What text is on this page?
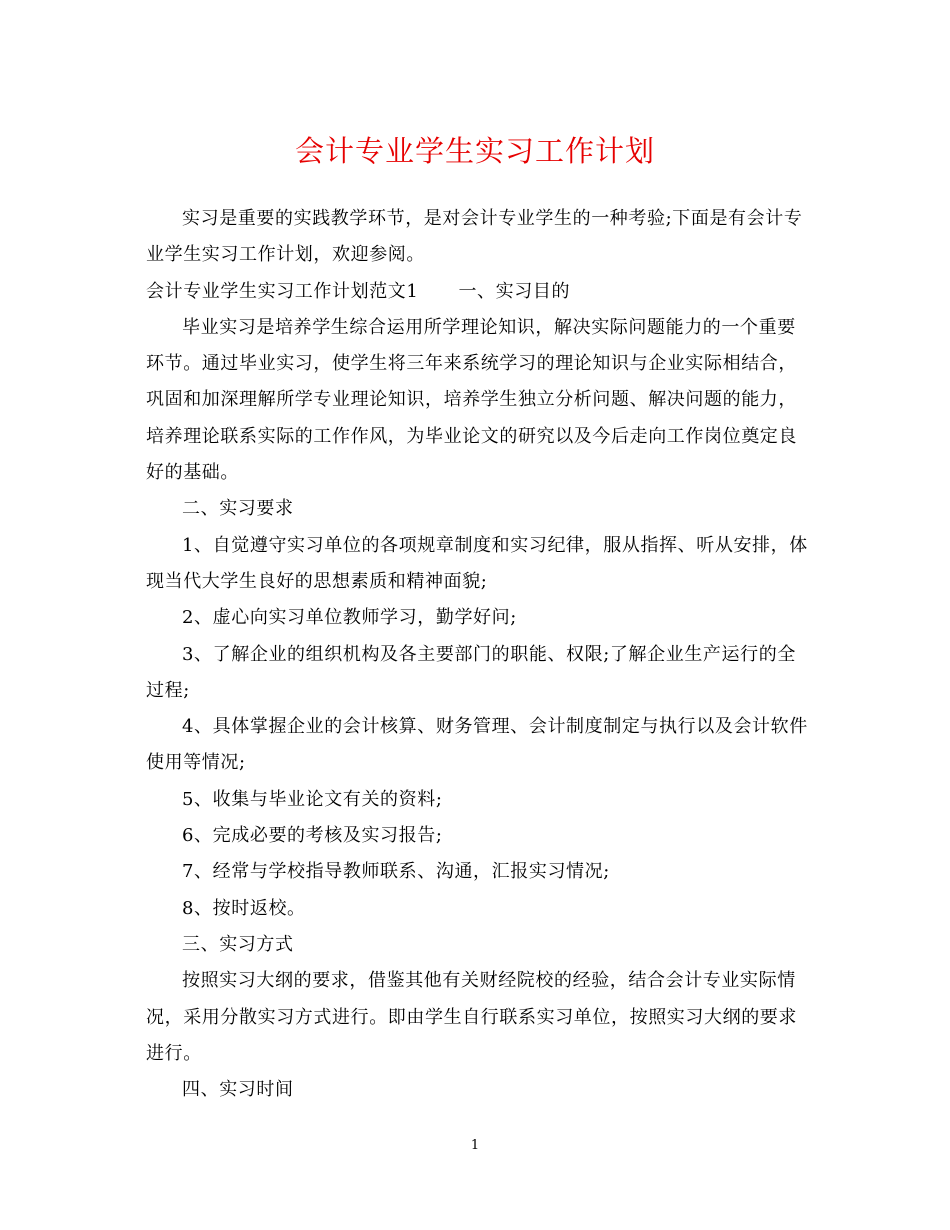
会计专业学生实习工作计划

实习是重要的实践教学环节，是对会计专业学生的一种考验;下面是有会计专业学生实习工作计划，欢迎参阅。

会计专业学生实习工作计划范文1 一、实习目的

毕业实习是培养学生综合运用所学理论知识，解决实际问题能力的一个重要环节。通过毕业实习，使学生将三年来系统学习的理论知识与企业实际相结合，巩固和加深理解所学专业理论知识，培养学生独立分析问题、解决问题的能力，培养理论联系实际的工作作风，为毕业论文的研究以及今后走向工作岗位奠定良好的基础。

二、实习要求

1、自觉遵守实习单位的各项规章制度和实习纪律，服从指挥、听从安排，体现当代大学生良好的思想素质和精神面貌;

2、虚心向实习单位教师学习，勤学好问;

3、了解企业的组织机构及各主要部门的职能、权限;了解企业生产运行的全过程;

4、具体掌握企业的会计核算、财务管理、会计制度制定与执行以及会计软件使用等情况;

5、收集与毕业论文有关的资料;

6、完成必要的考核及实习报告;

7、经常与学校指导教师联系、沟通，汇报实习情况;

8、按时返校。

三、实习方式

按照实习大纲的要求，借鉴其他有关财经院校的经验，结合会计专业实际情况，采用分散实习方式进行。即由学生自行联系实习单位，按照实习大纲的要求进行。

四、实习时间

1
